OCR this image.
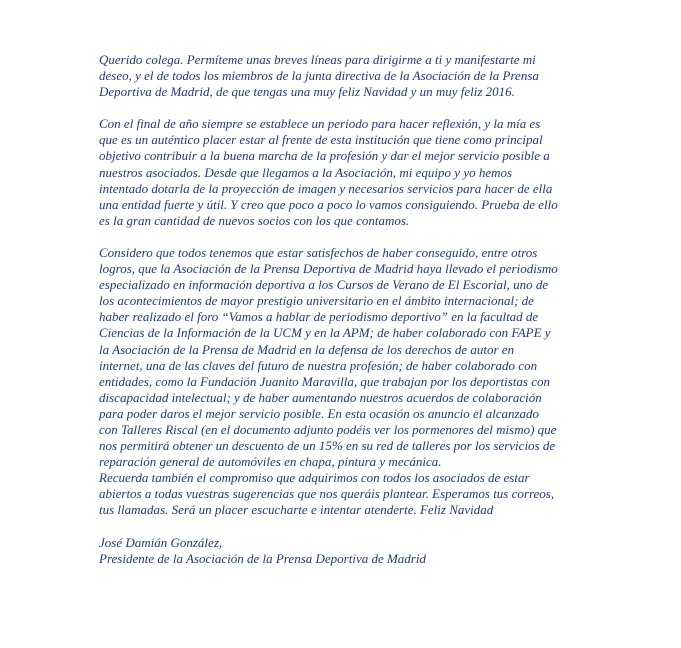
Querido colega. Permíteme unas breves líneas para dirigirme a ti y manifestarte mi
deseo, y el de todos los miembros de la junta directiva de la Asociación de la Prensa
Deportiva de Madrid, de que tengas una muy feliz Navidad y un muy feliz 2016.

Con el final de año siempre se establece un periodo para hacer reflexión, y la mía es
que es un auténtico placer estar al frente de esta institución que tiene como principal
objetivo contribuir a la buena marcha de la profesión y dar el mejor servicio posible a
nuestros asociados. Desde que llegamos a la Asociación, mi equipo y yo hemos
intentado dotarla de la proyección de imagen y necesarios servicios para hacer de ella
una entidad fuerte y útil. Y creo que poco a poco lo vamos consiguiendo. Prueba de ello
es la gran cantidad de nuevos socios con los que contamos.

Considero que todos tenemos que estar satisfechos de haber conseguido, entre otros
logros, que la Asociación de la Prensa Deportiva de Madrid haya llevado el periodismo
especializado en información deportiva a los Cursos de Verano de El Escorial, uno de
los acontecimientos de mayor prestigio universitario en el ámbito internacional; de
haber realizado el foro “Vamos a hablar de periodismo deportivo” en la facultad de
Ciencias de la Información de la UCM y en la APM; de haber colaborado con FAPE y
la Asociación de la Prensa de Madrid en la defensa de los derechos de autor en
internet, una de las claves del futuro de nuestra profesión; de haber colaborado con
entidades, como la Fundación Juanito Maravilla, que trabajan por los deportistas con
discapacidad intelectual; y de haber aumentando nuestros acuerdos de colaboración
para poder daros el mejor servicio posible. En esta ocasión os anuncio el alcanzado
con Talleres Riscal (en el documento adjunto podéis ver los pormenores del mismo) que
nos permitirá obtener un descuento de un 15% en su red de talleres por los servicios de
reparación general de automóviles en chapa, pintura y mecánica.
Recuerda también el compromiso que adquirimos con todos los asociados de estar
abiertos a todas vuestras sugerencias que nos queráis plantear. Esperamos tus correos,
tus llamadas. Será un placer escucharte e intentar atenderte. Feliz Navidad

José Damián González,
Presidente de la Asociación de la Prensa Deportiva de Madrid
